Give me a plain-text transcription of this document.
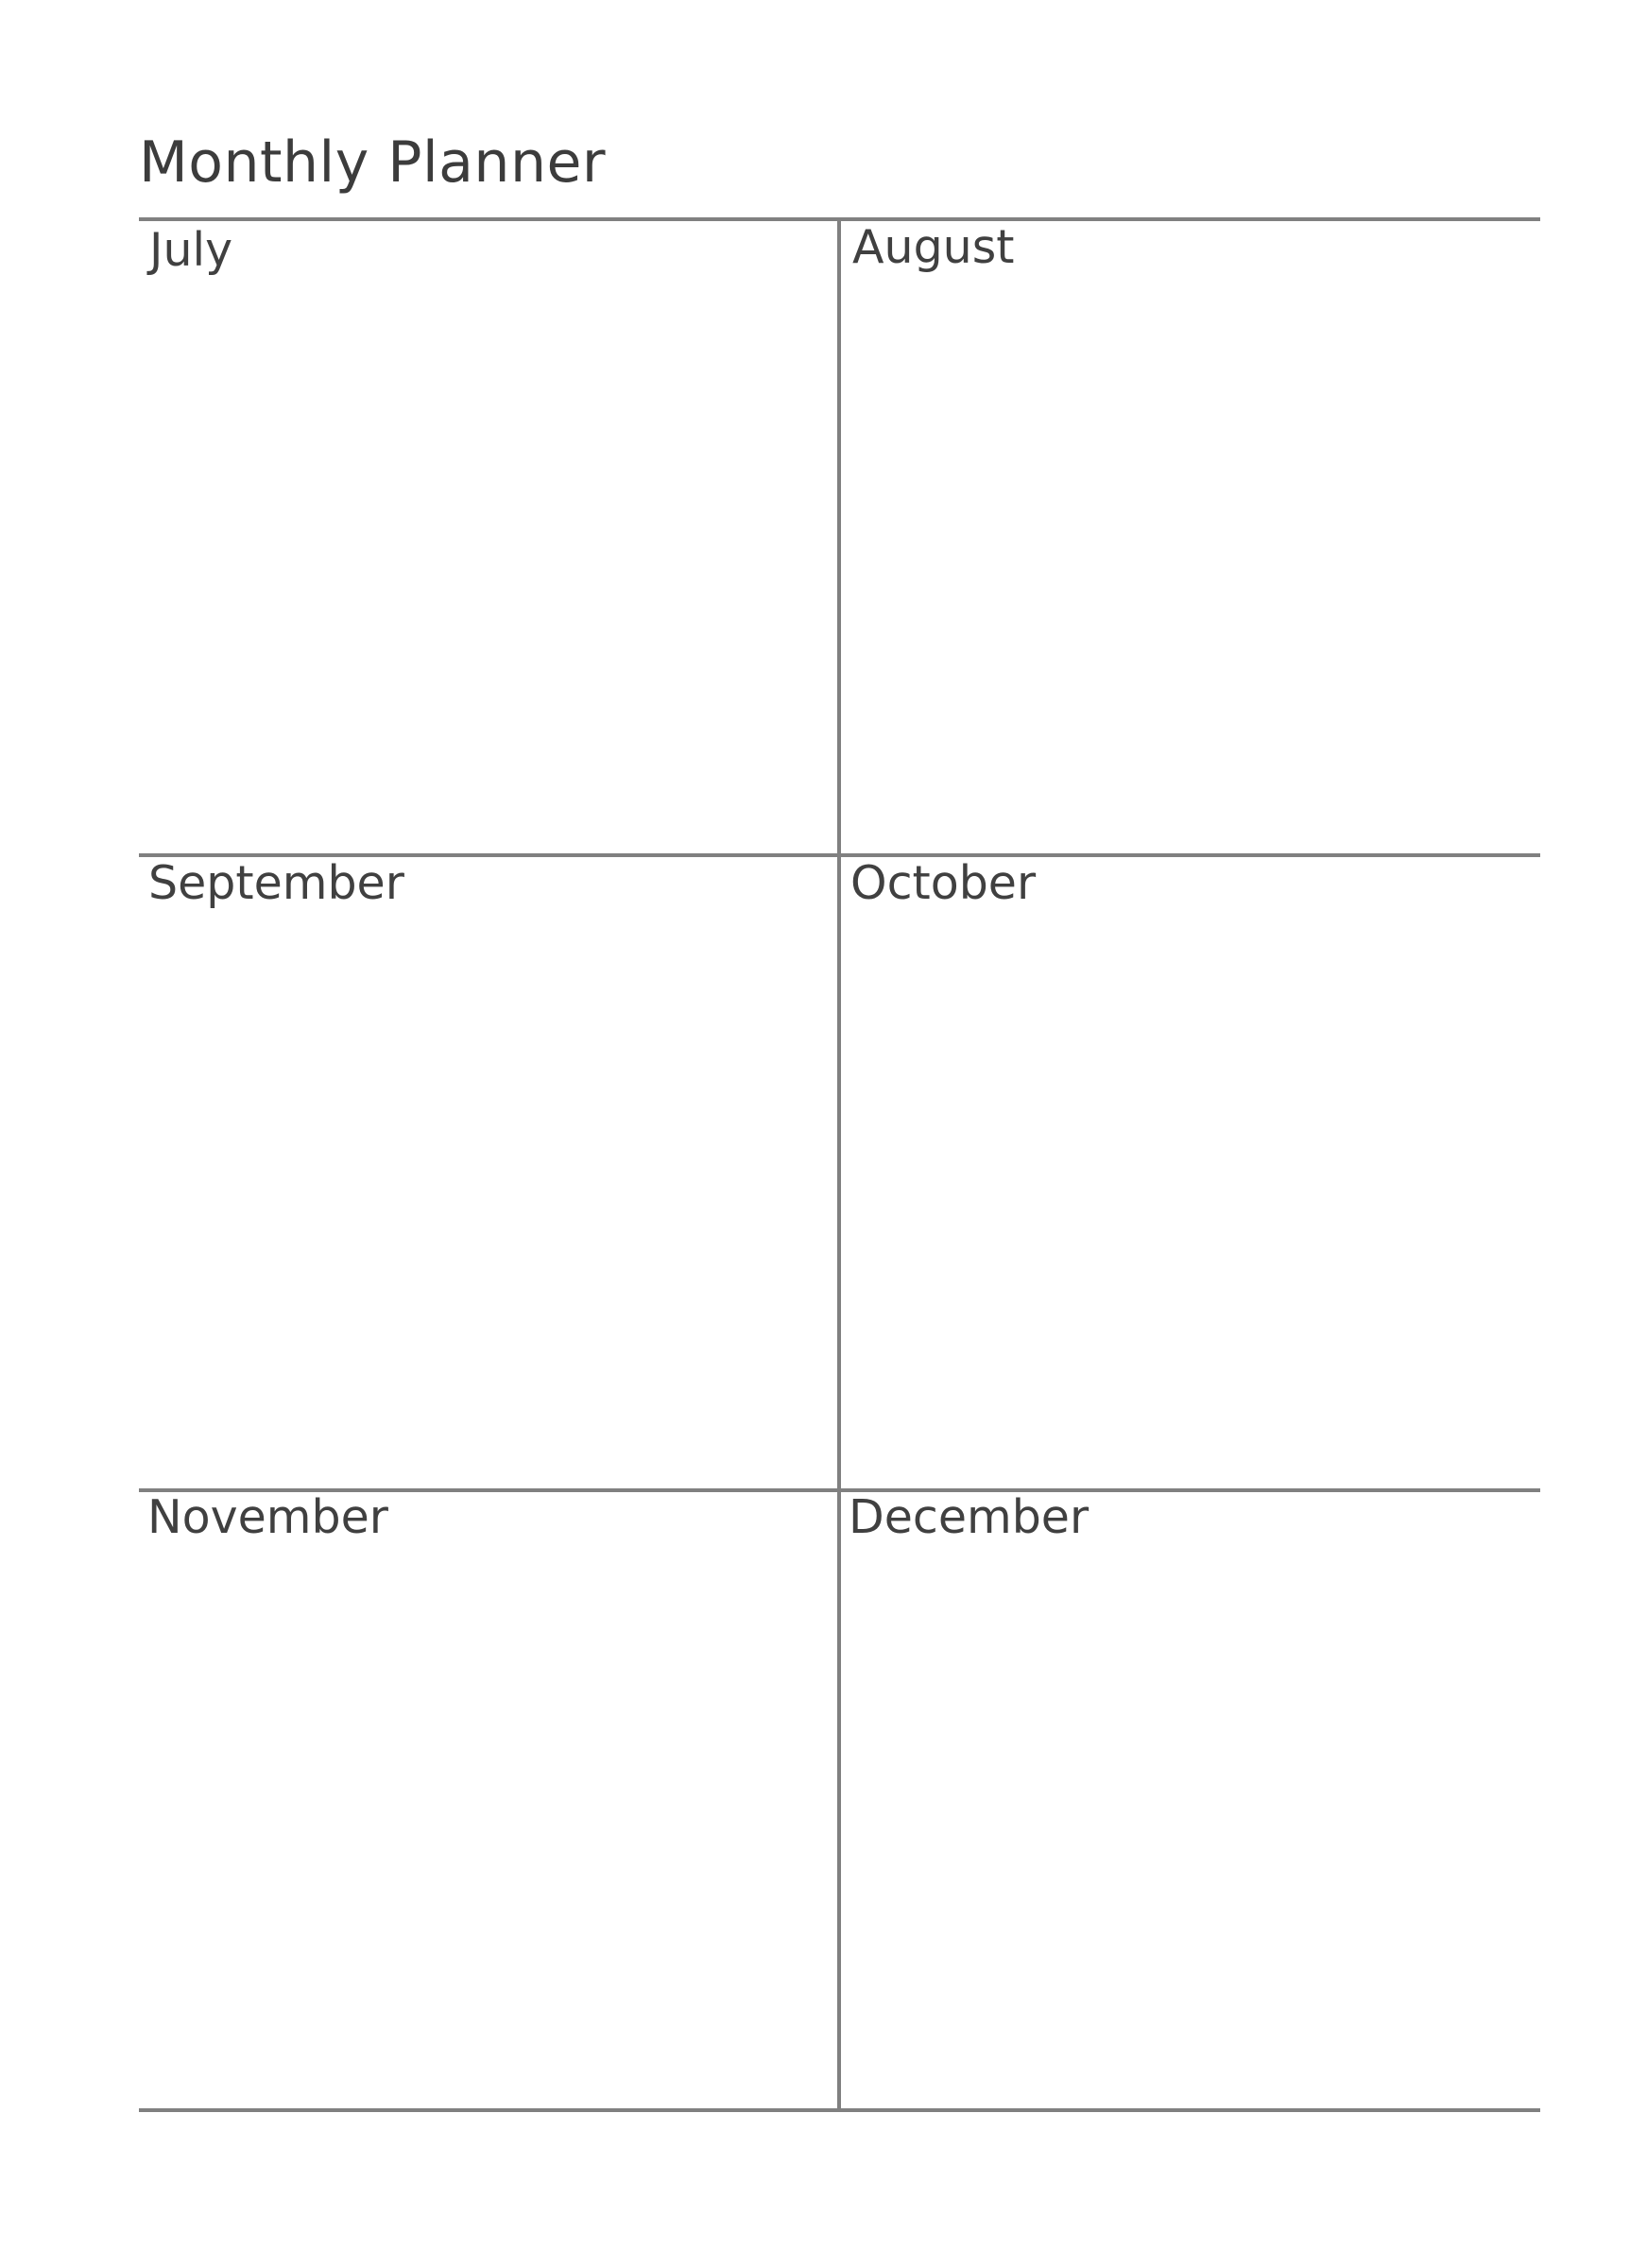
Monthly Planner
July	August
September	October
November	December
